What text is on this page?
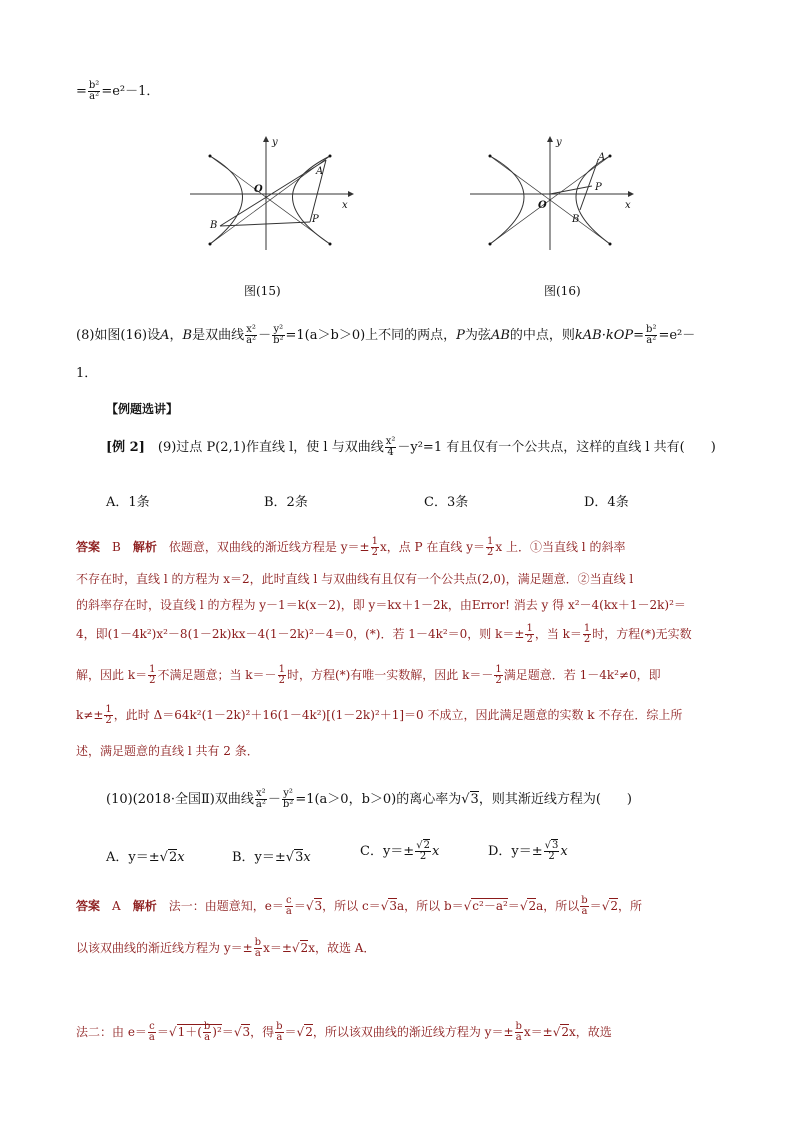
= $\frac{\text{b²}}{\text{a²}} =e^2-1$．
y
x
O
A
B
P
图(15)
y
x
O
A
B
P
图(16)
(8)如图(16)设A，B是双曲线 $\frac{\text{x²}}{\text{a²}} - \frac{\text{y²}}{\text{b²}} =1(a>b>0)$上不同的两点，P为弦AB的中点，则$kAB\cdot kOP= \frac{\text{b²}}{\text{a²}} =e^2-$
1．
【例题选讲】
[例 2]　 (9)过点 P(2,1)作直线 l，使 l 与双曲线 $\frac{\text{x²}}{4} -y^2=1$ 有且仅有一个公共点，这样的直线 l 共有(　　)
A．1条	B．2条	C．3条	D．4条
答案　 B　 解析　 依题意，双曲线的渐近线方程是 $y=\pm \frac{1}{2}$ x，点 P 在直线 $y= \frac{1}{2}$ x 上．①当直线 l 的斜率
不存在时，直线 l 的方程为 x＝2，此时直线 l 与双曲线有且仅有一个公共点(2,0)，满足题意．②当直线 l
的斜率存在时，设直线 l 的方程为 y－1＝k(x－2)，即 y＝kx＋1－2k，由Error! 消去 y 得 x²－4(kx＋1－2k)²＝
4，即(1－4k²)x²－8(1－2k)kx－4(1－2k)²－4＝0，(*)．若 1－4k²＝0，则 $k=\pm \frac{1}{2}$ ，当 $k= \frac{1}{2}$ 时，方程(*)无实数
解，因此 $k= \frac{1}{2}$ 不满足题意；当 $k=- \frac{1}{2}$ 时，方程(*)有唯一实数解，因此 $k=- \frac{1}{2}$ 满足题意．若 1－4k²≠0，即
$k\ne\pm \frac{1}{2}$ ，此时 Δ＝64k²(1－2k)²＋16(1－4k²)[(1－2k)²＋1]＝0 不成立，因此满足题意的实数 k 不存在．综上所
述，满足题意的直线 l 共有 2 条．
(10)(2018·全国Ⅱ)双曲线 $\frac{\text{x²}}{\text{a²}} - \frac{\text{y²}}{\text{b²}} =1(a>0$，b＞0)的离心率为√3，则其渐近线方程为(　　)
A．y＝±√2x	B．y＝±√3x	C．$y=\pm \frac{√2}{2}$ x	D．$y=\pm \frac{√3}{2}$ x
答案　 A　 解析　 法一：由题意知，$e= \frac{c}{a} =√3$，所以 c＝√3a，所以 b＝√c²－a²＝√2a，所以 $\frac{b}{a} =√2$，所
以该双曲线的渐近线方程为 $y=\pm \frac{b}{a} x=\pm√2x$，故选 A．
法二：由 $e= \frac{c}{a} =√1+( \frac{b}{a} )^2=√3$，得 $\frac{b}{a} =√2$，所以该双曲线的渐近线方程为 $y=\pm \frac{b}{a} x=\pm√2x$，故选
